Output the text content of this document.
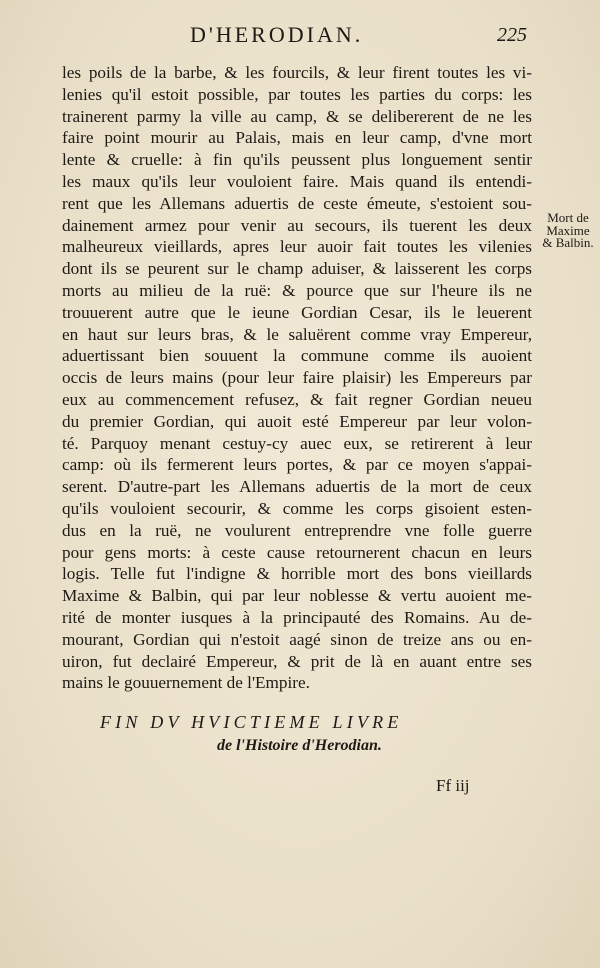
D'HERODIAN.	225
les poils de la barbe, & les fourcils, & leur firent toutes les vi-
lenies qu'il estoit possible, par toutes les parties du corps: les
trainerent parmy la ville au camp, & se delibererent de ne les
faire point mourir au Palais, mais en leur camp, d'vne mort
lente & cruelle: à fin qu'ils peussent plus longuement sentir
les maux qu'ils leur vouloient faire. Mais quand ils entendi-
rent que les Allemans aduertis de ceste émeute, s'estoient sou-
dainement armez pour venir au secours, ils tuerent les deux
malheureux vieillards, apres leur auoir fait toutes les vilenies
dont ils se peurent sur le champ aduiser, & laisserent les corps
morts au milieu de la ruë: & pource que sur l'heure ils ne
trouuerent autre que le ieune Gordian Cesar, ils le leuerent
en haut sur leurs bras, & le saluërent comme vray Empereur,
aduertissant bien souuent la commune comme ils auoient
occis de leurs mains (pour leur faire plaisir) les Empereurs par
eux au commencement refusez, & fait regner Gordian neueu
du premier Gordian, qui auoit esté Empereur par leur volon-
té. Parquoy menant cestuy-cy auec eux, se retirerent à leur
camp: où ils fermerent leurs portes, & par ce moyen s'appai-
serent. D'autre-part les Allemans aduertis de la mort de ceux
qu'ils vouloient secourir, & comme les corps gisoient esten-
dus en la ruë, ne voulurent entreprendre vne folle guerre
pour gens morts: à ceste cause retournerent chacun en leurs
logis. Telle fut l'indigne & horrible mort des bons vieillards
Maxime & Balbin, qui par leur noblesse & vertu auoient me-
rité de monter iusques à la principauté des Romains. Au de-
mourant, Gordian qui n'estoit aagé sinon de treize ans ou en-
uiron, fut declairé Empereur, & prit de là en auant entre ses
mains le gouuernement de l'Empire.
Mort de
Maxime
& Balbin.
FIN DV HVICTIEME LIVRE
de l'Histoire d'Herodian.
Ff iij
